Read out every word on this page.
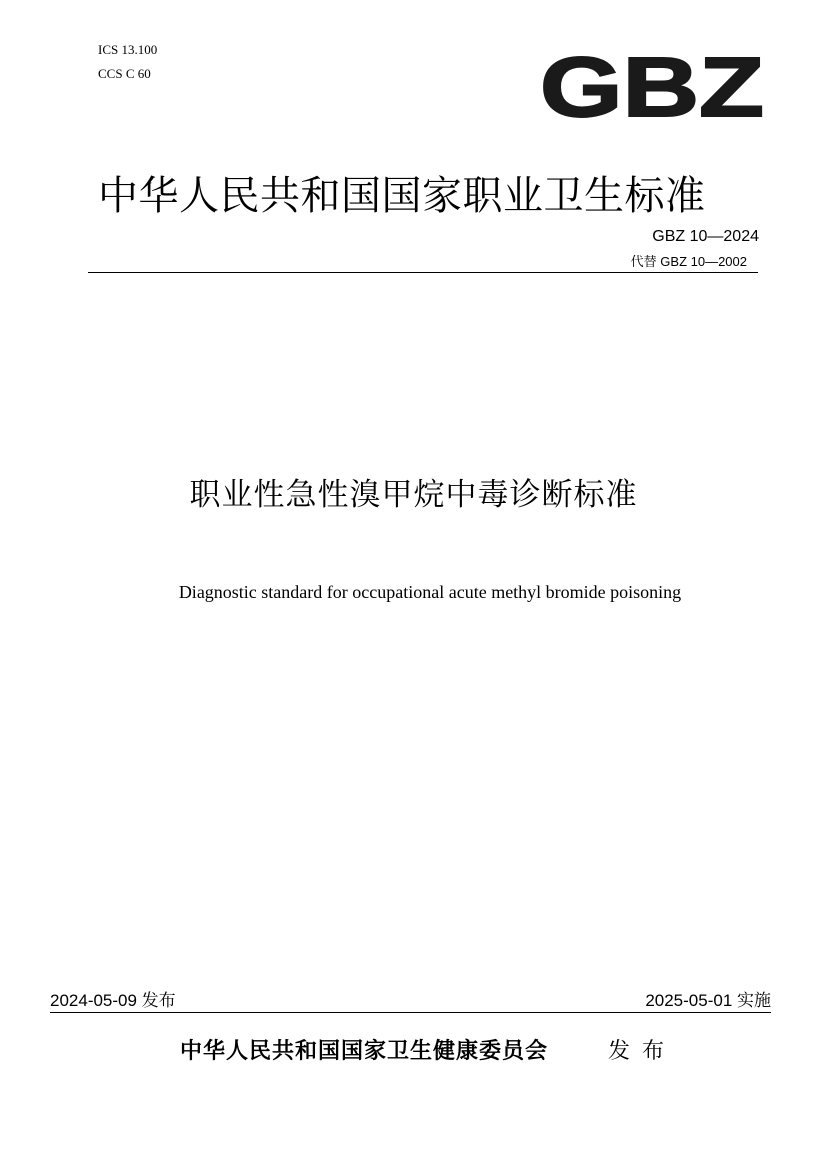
ICS 13.100
CCS C 60	GBZ
中华人民共和国国家职业卫生标准
GBZ 10—2024
代替 GBZ 10—2002
职业性急性溴甲烷中毒诊断标准
Diagnostic standard for occupational acute methyl bromide poisoning
2024-05-09 发布	2025-05-01 实施
中华人民共和国国家卫生健康委员会	发布
